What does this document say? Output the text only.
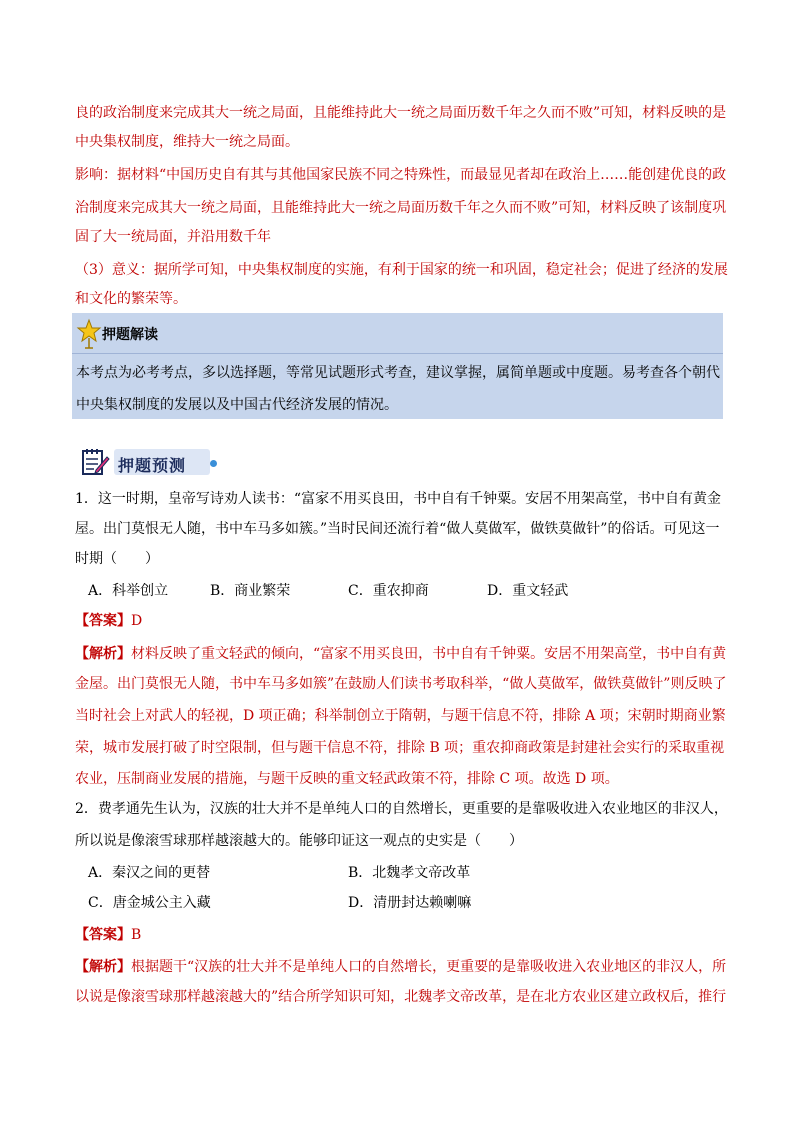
良的政治制度来完成其大一统之局面，且能维持此大一统之局面历数千年之久而不败”可知，材料反映的是
中央集权制度，维持大一统之局面。
影响：据材料“中国历史自有其与其他国家民族不同之特殊性，而最显见者却在政治上……能创建优良的政
治制度来完成其大一统之局面，且能维持此大一统之局面历数千年之久而不败”可知，材料反映了该制度巩
固了大一统局面，并沿用数千年
（3）意义：据所学可知，中央集权制度的实施，有利于国家的统一和巩固，稳定社会；促进了经济的发展
和文化的繁荣等。
押题解读
本考点为必考考点，多以选择题，等常见试题形式考查，建议掌握，属简单题或中度题。易考查各个朝代
中央集权制度的发展以及中国古代经济发展的情况。
押题预测
1．这一时期，皇帝写诗劝人读书：“富家不用买良田，书中自有千钟粟。安居不用架高堂，书中自有黄金
屋。出门莫恨无人随，书中车马多如簇。”当时民间还流行着“做人莫做军，做铁莫做针”的俗话。可见这一
时期（　　）
A．科举创立	B．商业繁荣	C．重农抑商	D．重文轻武
【答案】D
【解析】材料反映了重文轻武的倾向，“富家不用买良田，书中自有千钟粟。安居不用架高堂，书中自有黄
金屋。出门莫恨无人随，书中车马多如簇”在鼓励人们读书考取科举，“做人莫做军，做铁莫做针”则反映了
当时社会上对武人的轻视，D 项正确；科举制创立于隋朝，与题干信息不符，排除 A 项；宋朝时期商业繁
荣，城市发展打破了时空限制，但与题干信息不符，排除 B 项；重农抑商政策是封建社会实行的采取重视
农业，压制商业发展的措施，与题干反映的重文轻武政策不符，排除 C 项。故选 D 项。
2．费孝通先生认为，汉族的壮大并不是单纯人口的自然增长，更重要的是靠吸收进入农业地区的非汉人，
所以说是像滚雪球那样越滚越大的。能够印证这一观点的史实是（　　）
A．秦汉之间的更替	B．北魏孝文帝改革
C．唐金城公主入藏	D．清册封达赖喇嘛
【答案】B
【解析】根据题干“汉族的壮大并不是单纯人口的自然增长，更重要的是靠吸收进入农业地区的非汉人，所
以说是像滚雪球那样越滚越大的”结合所学知识可知，北魏孝文帝改革，是在北方农业区建立政权后，推行
